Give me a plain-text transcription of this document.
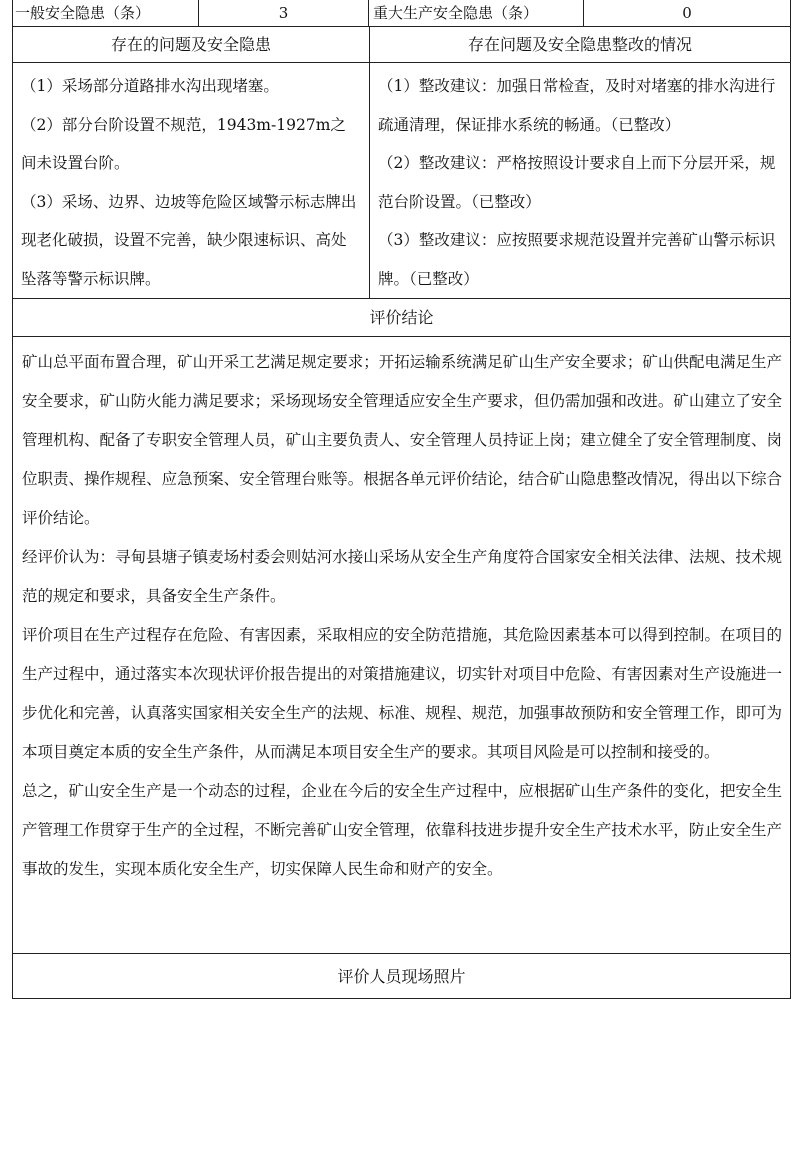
一般安全隐患（条）	3	重大生产安全隐患（条）	0
存在的问题及安全隐患	存在问题及安全隐患整改的情况

（1）采场部分道路排水沟出现堵塞。

（2）部分台阶设置不规范，1943m-1927m之间未设置台阶。

（3）采场、边界、边坡等危险区域警示标志牌出现老化破损，设置不完善，缺少限速标识、高处坠落等警示标识牌。

（1）整改建议：加强日常检查，及时对堵塞的排水沟进行疏通清理，保证排水系统的畅通。（已整改）

（2）整改建议：严格按照设计要求自上而下分层开采，规范台阶设置。（已整改）

（3）整改建议：应按照要求规范设置并完善矿山警示标识牌。（已整改）

评价结论

矿山总平面布置合理，矿山开采工艺满足规定要求；开拓运输系统满足矿山生产安全要求；矿山供配电满足生产安全要求，矿山防火能力满足要求；采场现场安全管理适应安全生产要求，但仍需加强和改进。矿山建立了安全管理机构、配备了专职安全管理人员，矿山主要负责人、安全管理人员持证上岗；建立健全了安全管理制度、岗位职责、操作规程、应急预案、安全管理台账等。根据各单元评价结论，结合矿山隐患整改情况，得出以下综合评价结论。

经评价认为：寻甸县塘子镇麦场村委会则姑河水接山采场从安全生产角度符合国家安全相关法律、法规、技术规范的规定和要求，具备安全生产条件。

评价项目在生产过程存在危险、有害因素，采取相应的安全防范措施，其危险因素基本可以得到控制。在项目的生产过程中，通过落实本次现状评价报告提出的对策措施建议，切实针对项目中危险、有害因素对生产设施进一步优化和完善，认真落实国家相关安全生产的法规、标准、规程、规范，加强事故预防和安全管理工作，即可为本项目奠定本质的安全生产条件，从而满足本项目安全生产的要求。其项目风险是可以控制和接受的。

总之，矿山安全生产是一个动态的过程，企业在今后的安全生产过程中，应根据矿山生产条件的变化，把安全生产管理工作贯穿于生产的全过程，不断完善矿山安全管理，依靠科技进步提升安全生产技术水平，防止安全生产事故的发生，实现本质化安全生产，切实保障人民生命和财产的安全。

评价人员现场照片
